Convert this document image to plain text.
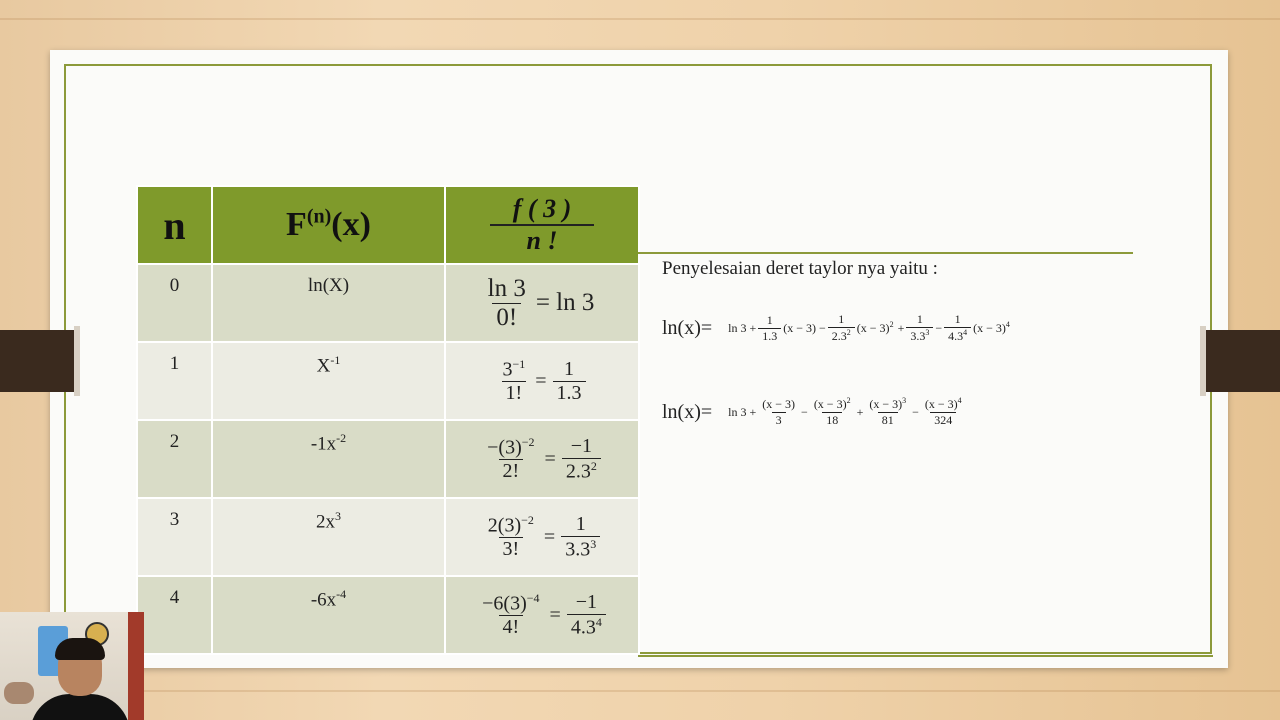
n	$F^{(n)}(x)$	$\frac{f ( 3 )}{n !}$

0	ln(X)	$\frac{\ln 3}{0!} = \ln 3$

1	$X^{-1}$	$\frac{3^{-1}}{1!} = \frac{1}{1.3}$

2	$-1x^{-2}$	$\frac{-(3)^{-2}}{2!} = \frac{-1}{2.3^2}$

3	$2x^3$	$\frac{2(3)^{-2}}{3!} = \frac{1}{3.3^3}$

4	$-6x^{-4}$	$\frac{-6(3)^{-4}}{4!} = \frac{-1}{4.3^4}$
Penyelesaian deret taylor nya yaitu :
$\ln(x)= \ln 3 + \frac{1}{1.3} (x - 3) - \frac{1}{2.3^2} (x - 3)^2 + \frac{1}{3.3^3} - \frac{1}{4.3^4} (x - 3)^4$
$\ln(x)= \ln 3 + \frac{(x - 3)}{3} - \frac{(x - 3)^2}{18} + \frac{(x - 3)^3}{81} - \frac{(x - 3)^4}{324}$
